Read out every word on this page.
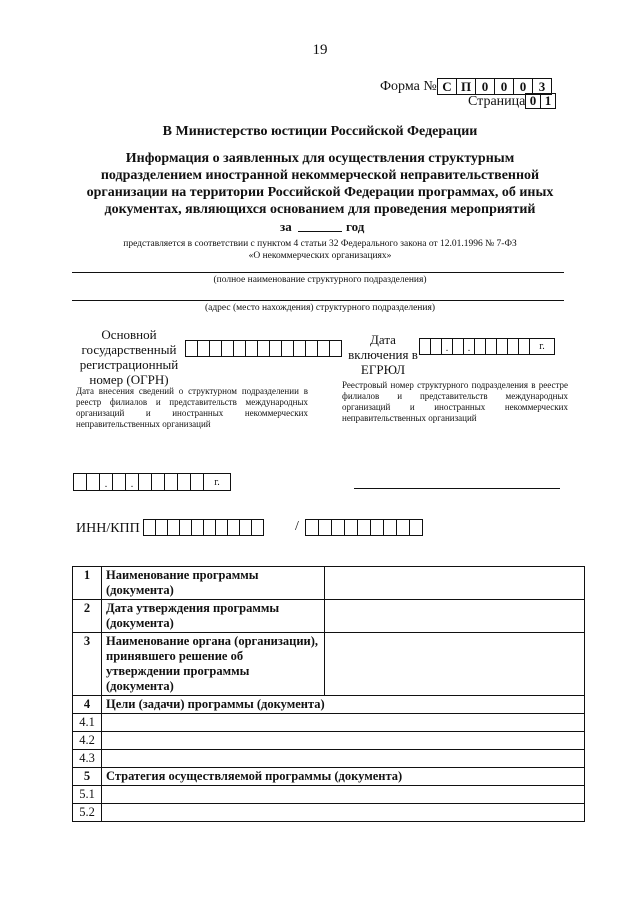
19
Форма № С П 0 0 0 3
Страница 0 1
В Министерство юстиции Российской Федерации
Информация о заявленных для осуществления структурным подразделением иностранной некоммерческой неправительственной организации на территории Российской Федерации программах, об иных документах, являющихся основанием для проведения мероприятий
за	год
представляется в соответствии с пунктом 4 статьи 32 Федерального закона от 12.01.1996 № 7-ФЗ
«О некоммерческих организациях»
(полное наименование структурного подразделения)
(адрес (место нахождения) структурного подразделения)
Основной государственный регистрационный номер (ОГРН)
Дата включения в ЕГРЮЛ
.	.	г.
Дата внесения сведений о структурном подразделении в реестр филиалов и представительств международных организаций и иностранных некоммерческих неправительственных организаций
Реестровый номер структурного подразделения в реестре филиалов и представительств международных организаций и иностранных некоммерческих неправительственных организаций
.	.	г.
ИНН/КПП	/
1	Наименование программы (документа)	
2	Дата утверждения программы (документа)	
3	Наименование органа (организации), принявшего решение об утверждении программы (документа)	
4	Цели (задачи) программы (документа)	
4.1		
4.2		
4.3		
5	Стратегия осуществляемой программы (документа)	
5.1		
5.2		
